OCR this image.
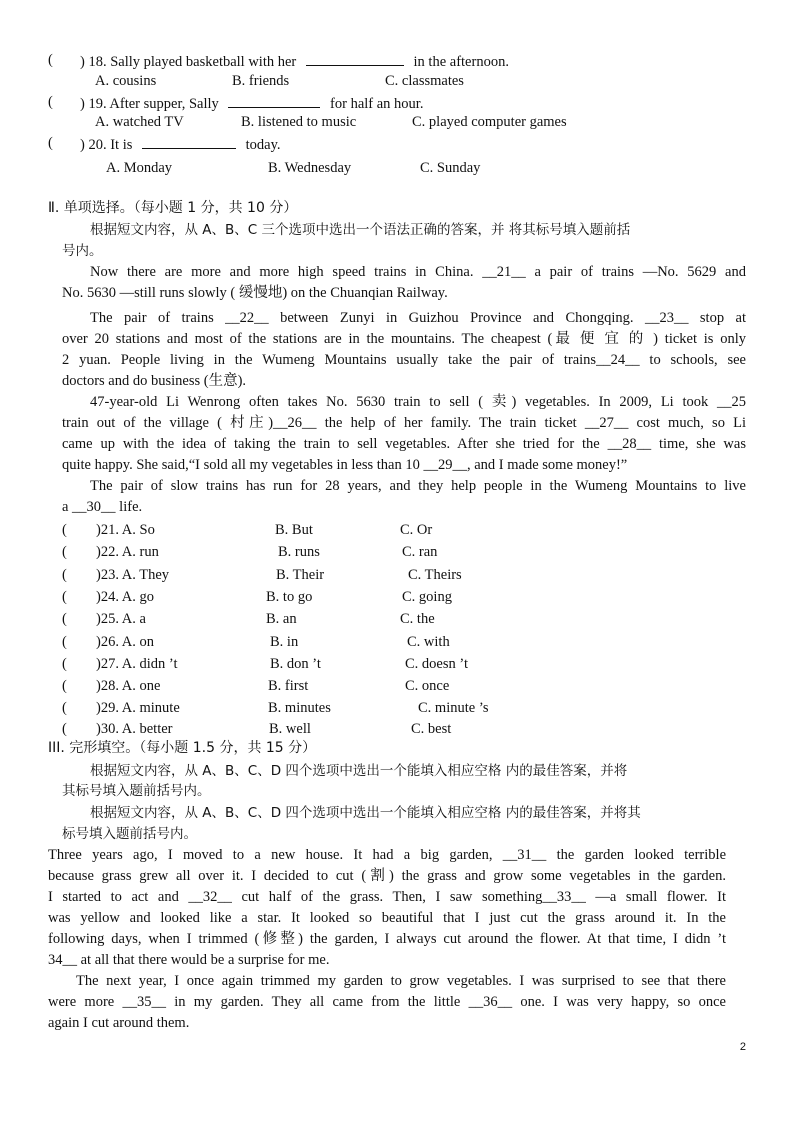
( ) 18. Sally played basketball with her	in the afternoon.
A. cousins	B. friends	C. classmates
( ) 19. After supper, Sally	for half an hour.
A. watched TV	B. listened to music	C. played computer games
( ) 20. It is	today.
A. Monday	B. Wednesday	C. Sunday
Ⅱ. 单项选择。（每小题 1 分，共 10 分）
根据短文内容，从 A、B、C 三个选项中选出一个语法正确的答案，并 将其标号填入题前括
号内。
Now there are more and more high speed trains in China. __21__ a pair of trains —No. 5629 and
No. 5630 —still runs slowly ( 缓慢地) on the Chuanqian Railway.
The pair of trains __22__ between Zunyi in Guizhou Province and Chongqing. __23__ stop at
over 20 stations and most of the stations are in the mountains. The cheapest (最 便 宜 的 ) ticket is only
2 yuan. People living in the Wumeng Mountains usually take the pair of trains__24__ to schools, see
doctors and do business (生意).
47-year-old Li Wenrong often takes No. 5630 train to sell ( 卖) vegetables. In 2009, Li took __25
train out of the village ( 村庄)__26__ the help of her family. The train ticket __27__ cost much, so Li
came up with the idea of taking the train to sell vegetables. After she tried for the __28__ time, she was
quite happy. She said,“I sold all my vegetables in less than 10 __29__, and I made some money!”
The pair of slow trains has run for 28 years, and they help people in the Wumeng Mountains to live
a __30__ life.
( )21. A. So	B. But	C. Or
( )22. A. run	B. runs	C. ran
( )23. A. They	B. Their	C. Theirs
( )24. A. go	B. to go	C. going
( )25. A. a	B. an	C. the
( )26. A. on	B. in	C. with
( )27. A. didn ’t	B. don ’t	C. doesn ’t
( )28. A. one	B. first	C. once
( )29. A. minute	B. minutes	C. minute ’s
( )30. A. better	B. well	C. best
III. 完形填空。（每小题 1.5 分，共 15 分）
根据短文内容，从 A、B、C、D 四个选项中选出一个能填入相应空格 内的最佳答案，并将
其标号填入题前括号内。
根据短文内容，从 A、B、C、D 四个选项中选出一个能填入相应空格 内的最佳答案，并将其
标号填入题前括号内。
Three years ago, I moved to a new house. It had a big garden, __31__ the garden looked terrible
because grass grew all over it. I decided to cut (割) the grass and grow some vegetables in the garden.
I started to act and __32__ cut half of the grass. Then, I saw something__33__ —a small flower. It
was yellow and looked like a star. It looked so beautiful that I just cut the grass around it. In the
following days, when I trimmed (修整) the garden, I always cut around the flower. At that time, I didn ’t
34__ at all that there would be a surprise for me.
The next year, I once again trimmed my garden to grow vegetables. I was surprised to see that there
were more __35__ in my garden. They all came from the little __36__ one. I was very happy, so once
again I cut around them.
2
